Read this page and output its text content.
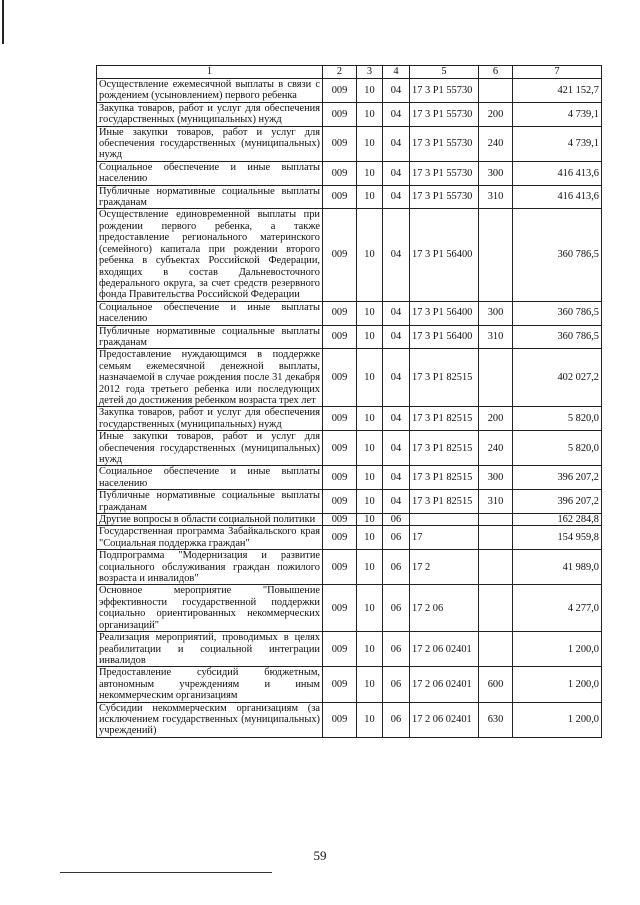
1	2	3	4	5	6	7
Осуществление ежемесячной выплаты в связи с рождением (усыновлением) первого ребенка	009	10	04	17 3 P1 55730		421 152,7
Закупка товаров, работ и услуг для обеспечения государственных (муниципальных) нужд	009	10	04	17 3 P1 55730	200	4 739,1
Иные закупки товаров, работ и услуг для обеспечения государственных (муниципальных) нужд	009	10	04	17 3 P1 55730	240	4 739,1
Социальное обеспечение и иные выплаты населению	009	10	04	17 3 P1 55730	300	416 413,6
Публичные нормативные социальные выплаты гражданам	009	10	04	17 3 P1 55730	310	416 413,6
Осуществление единовременной выплаты при рождении первого ребенка, а также предоставление регионального материнского (семейного) капитала при рождении второго ребенка в субъектах Российской Федерации, входящих в состав Дальневосточного федерального округа, за счет средств резервного фонда Правительства Российской Федерации	009	10	04	17 3 P1 56400		360 786,5
Социальное обеспечение и иные выплаты населению	009	10	04	17 3 P1 56400	300	360 786,5
Публичные нормативные социальные выплаты гражданам	009	10	04	17 3 P1 56400	310	360 786,5
Предоставление нуждающимся в поддержке семьям ежемесячной денежной выплаты, назначаемой в случае рождения после 31 декабря 2012 года третьего ребенка или последующих детей до достижения ребенком возраста трех лет	009	10	04	17 3 P1 82515		402 027,2
Закупка товаров, работ и услуг для обеспечения государственных (муниципальных) нужд	009	10	04	17 3 P1 82515	200	5 820,0
Иные закупки товаров, работ и услуг для обеспечения государственных (муниципальных) нужд	009	10	04	17 3 P1 82515	240	5 820,0
Социальное обеспечение и иные выплаты населению	009	10	04	17 3 P1 82515	300	396 207,2
Публичные нормативные социальные выплаты гражданам	009	10	04	17 3 P1 82515	310	396 207,2
Другие вопросы в области социальной политики	009	10	06			162 284,8
Государственная программа Забайкальского края "Социальная поддержка граждан"	009	10	06	17		154 959,8
Подпрограмма "Модернизация и развитие социального обслуживания граждан пожилого возраста и инвалидов"	009	10	06	17 2		41 989,0
Основное мероприятие "Повышение эффективности государственной поддержки социально ориентированных некоммерческих организаций"	009	10	06	17 2 06		4 277,0
Реализация мероприятий, проводимых в целях реабилитации и социальной интеграции инвалидов	009	10	06	17 2 06 02401		1 200,0
Предоставление субсидий бюджетным, автономным учреждениям и иным некоммерческим организациям	009	10	06	17 2 06 02401	600	1 200,0
Субсидии некоммерческим организациям (за исключением государственных (муниципальных) учреждений)	009	10	06	17 2 06 02401	630	1 200,0
59
